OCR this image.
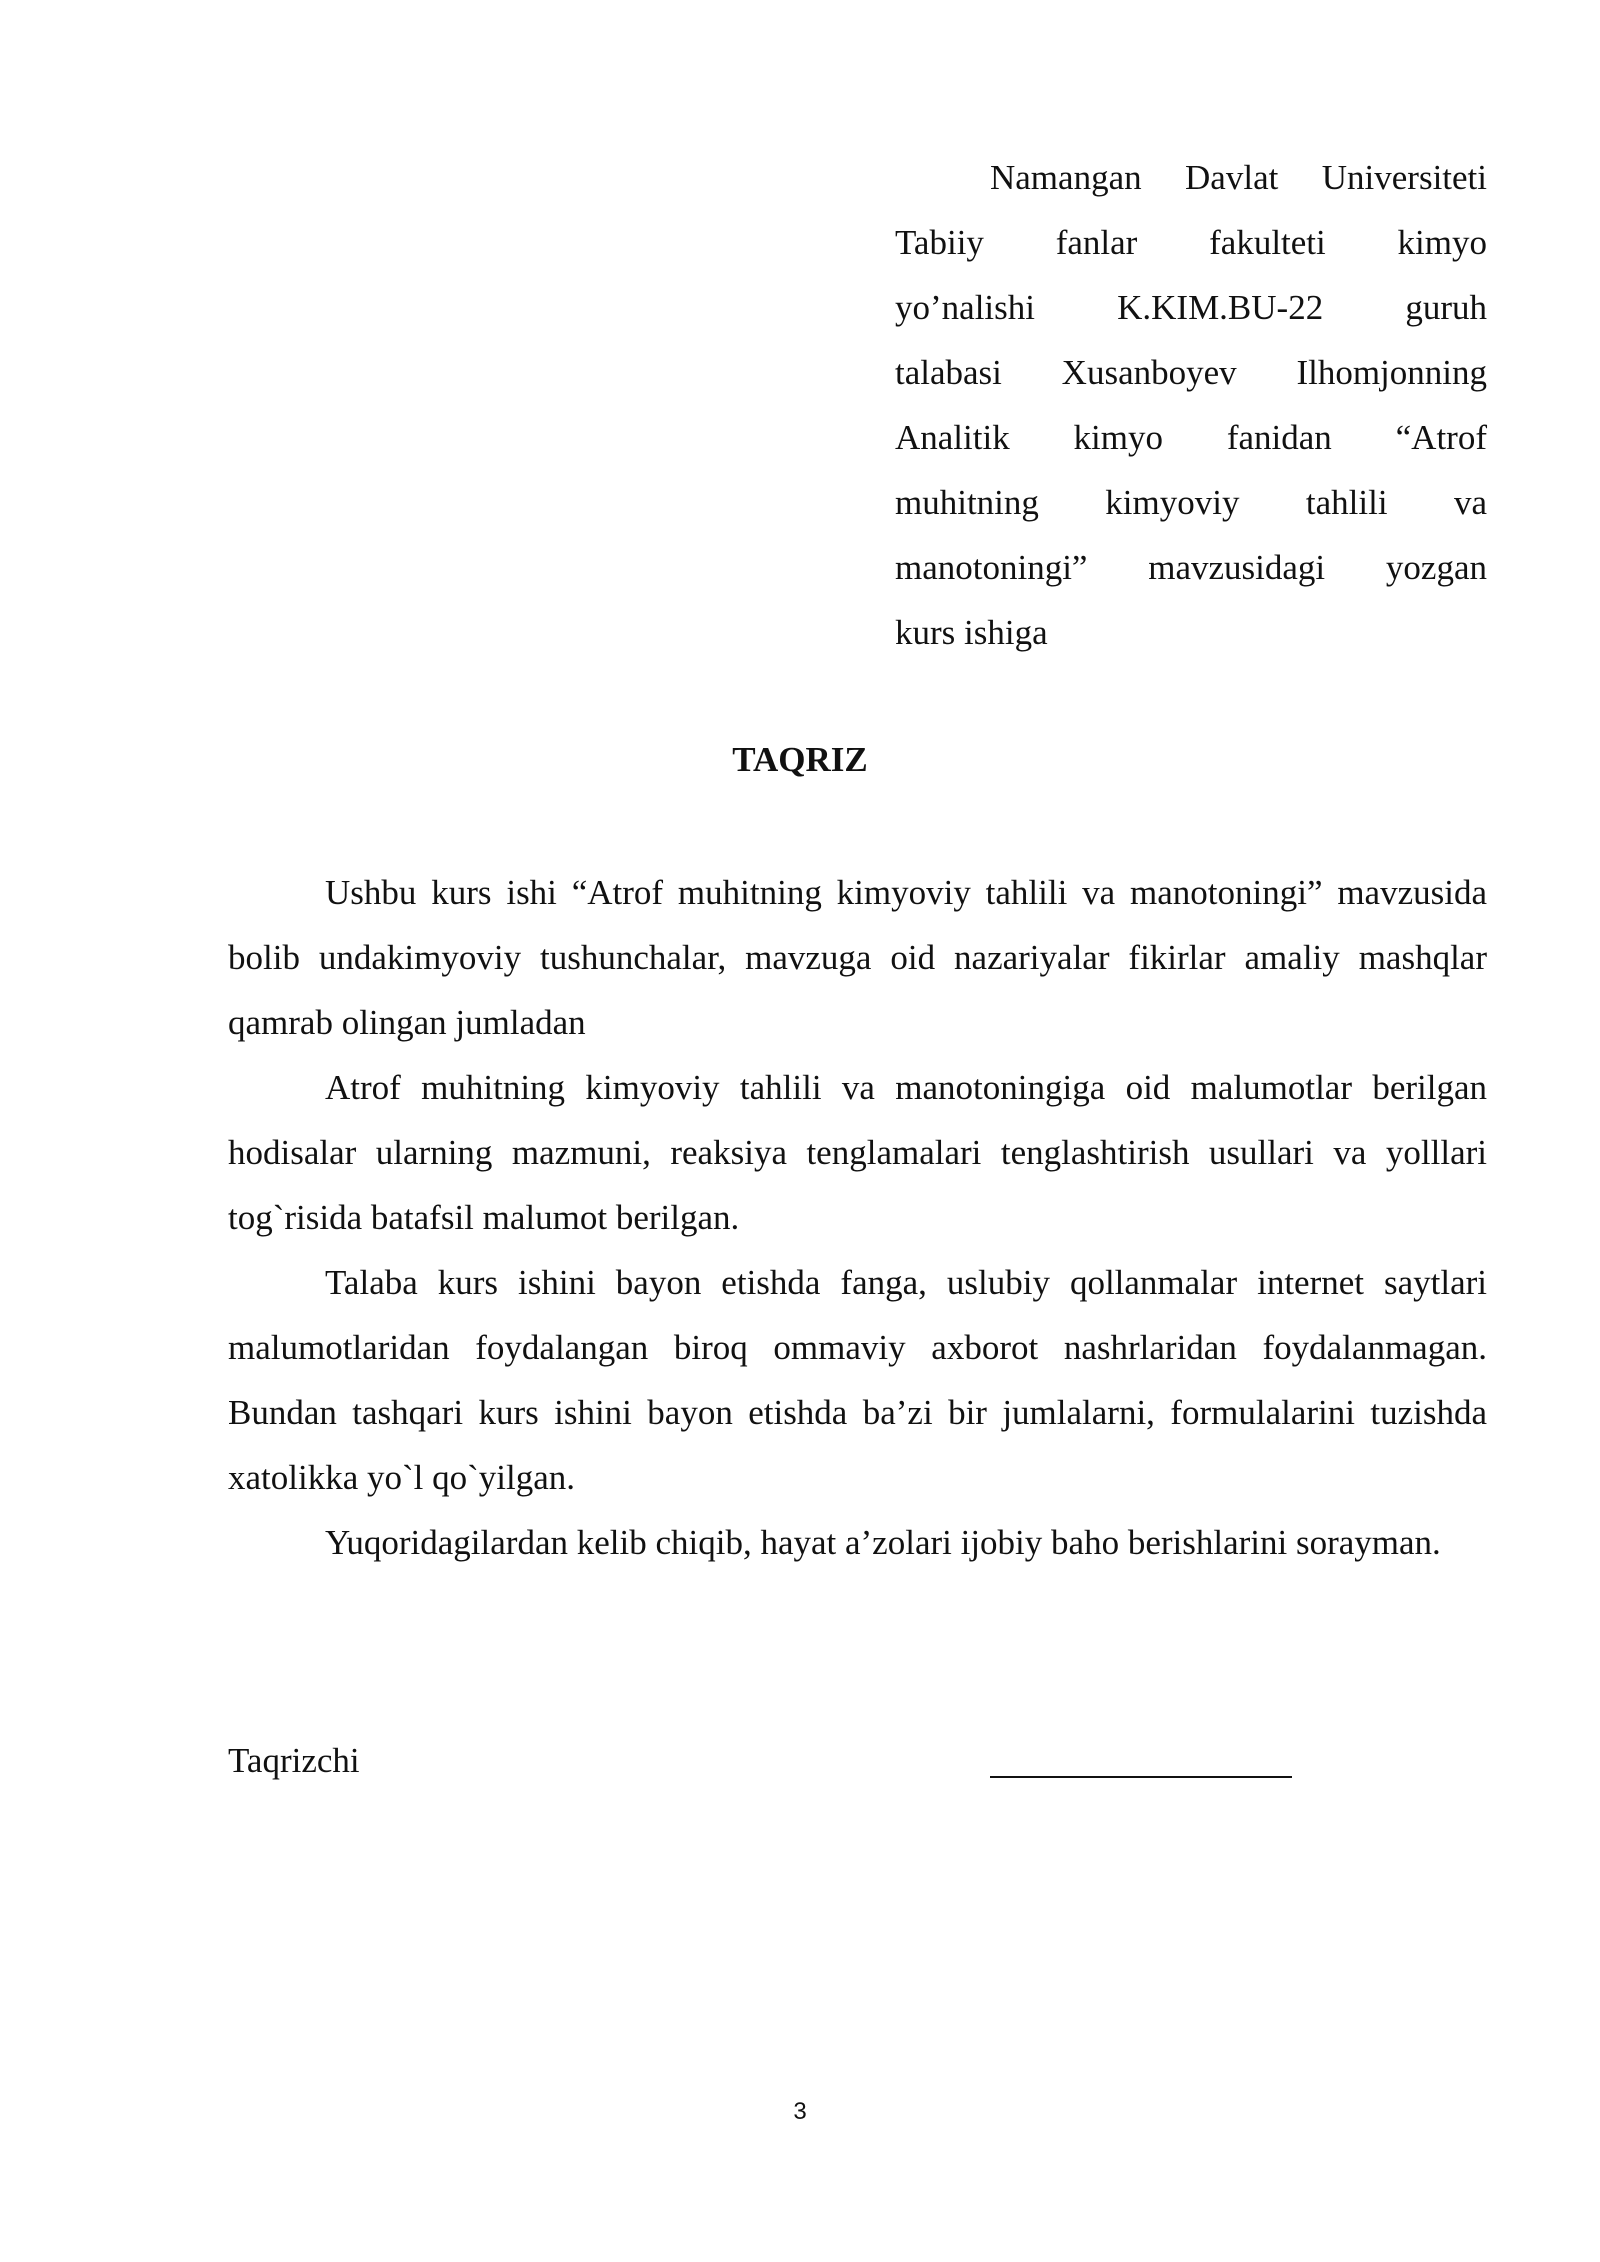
Namangan Davlat Universiteti
Tabiiy fanlar fakulteti kimyo
yo’nalishi K.KIM.BU-22 guruh
talabasi Xusanboyev Ilhomjonning
Analitik kimyo fanidan “Atrof
muhitning kimyoviy tahlili va
manotoningi” mavzusidagi yozgan
kurs ishiga
TAQRIZ

Ushbu kurs ishi “Atrof muhitning kimyoviy tahlili va manotoningi” mavzusida bolib undakimyoviy tushunchalar, mavzuga oid nazariyalar fikirlar amaliy mashqlar qamrab olingan jumladan

Atrof muhitning kimyoviy tahlili va manotoningiga oid malumotlar berilgan hodisalar ularning mazmuni, reaksiya tenglamalari tenglashtirish usullari va yolllari tog`risida batafsil malumot berilgan.

Talaba kurs ishini bayon etishda fanga, uslubiy qollanmalar internet saytlari malumotlaridan foydalangan biroq ommaviy axborot nashrlaridan foydalanmagan. Bundan tashqari kurs ishini bayon etishda ba’zi bir jumlalarni, formulalarini tuzishda xatolikka yo`l qo`yilgan.

Yuqoridagilardan kelib chiqib, hayat a’zolari ijobiy baho berishlarini sorayman.

Taqrizchi
3
